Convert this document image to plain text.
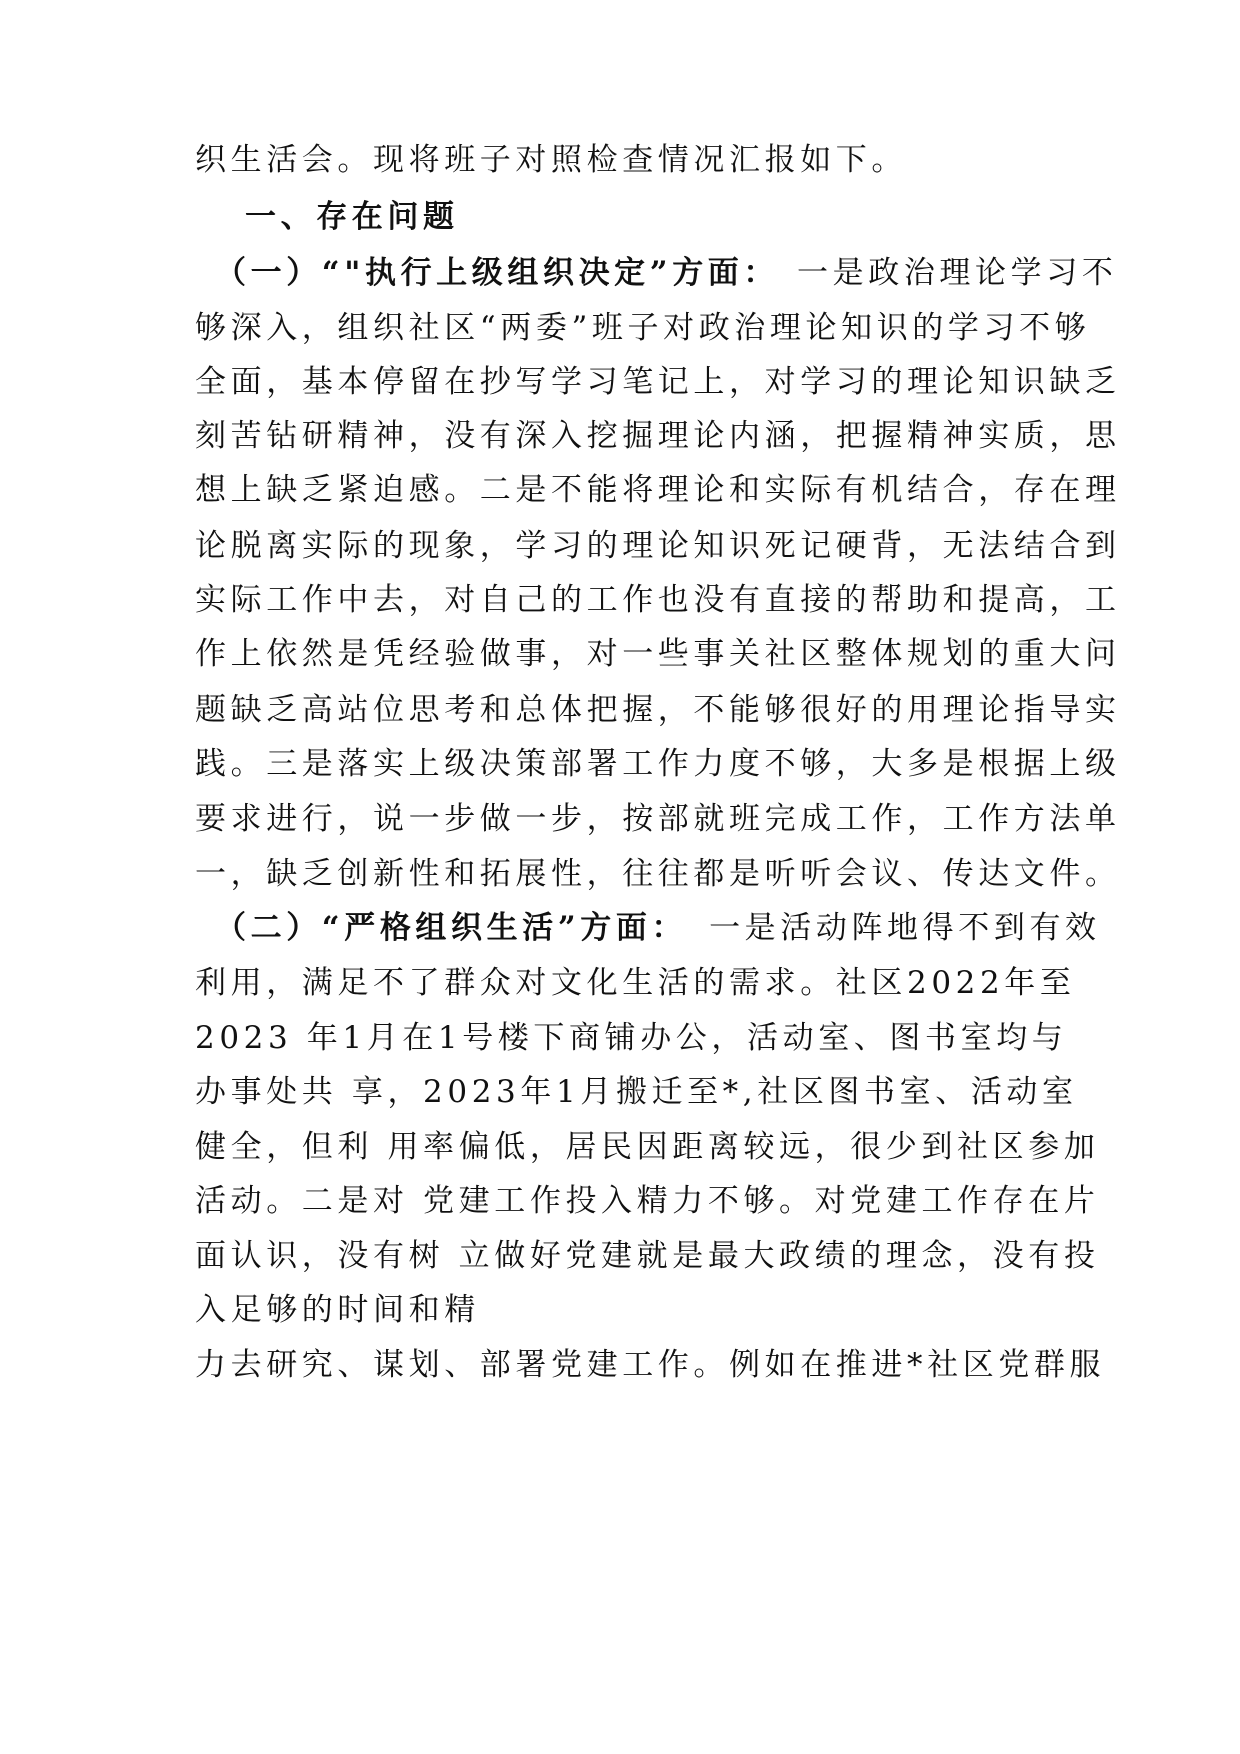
织生活会。现将班子对照检查情况汇报如下。
一、存在问题
（一）“"执行上级组织决定”方面： 一是政治理论学习不
够深入，组织社区“两委”班子对政治理论知识的学习不够
全面，基本停留在抄写学习笔记上，对学习的理论知识缺乏
刻苦钻研精神，没有深入挖掘理论内涵，把握精神实质，思
想上缺乏紧迫感。二是不能将理论和实际有机结合，存在理
论脱离实际的现象，学习的理论知识死记硬背，无法结合到
实际工作中去，对自己的工作也没有直接的帮助和提高，工
作上依然是凭经验做事，对一些事关社区整体规划的重大问
题缺乏高站位思考和总体把握，不能够很好的用理论指导实
践。三是落实上级决策部署工作力度不够，大多是根据上级
要求进行，说一步做一步，按部就班完成工作，工作方法单
一，缺乏创新性和拓展性，往往都是听听会议、传达文件。
（二）“严格组织生活”方面： 一是活动阵地得不到有效
利用，满足不了群众对文化生活的需求。社区2022年至
2023 年1月在1号楼下商铺办公，活动室、图书室均与
办事处共 享，2023年1月搬迁至*,社区图书室、活动室
健全，但利 用率偏低，居民因距离较远，很少到社区参加
活动。二是对 党建工作投入精力不够。对党建工作存在片
面认识，没有树 立做好党建就是最大政绩的理念，没有投
入足够的时间和精
力去研究、谋划、部署党建工作。例如在推进*社区党群服
